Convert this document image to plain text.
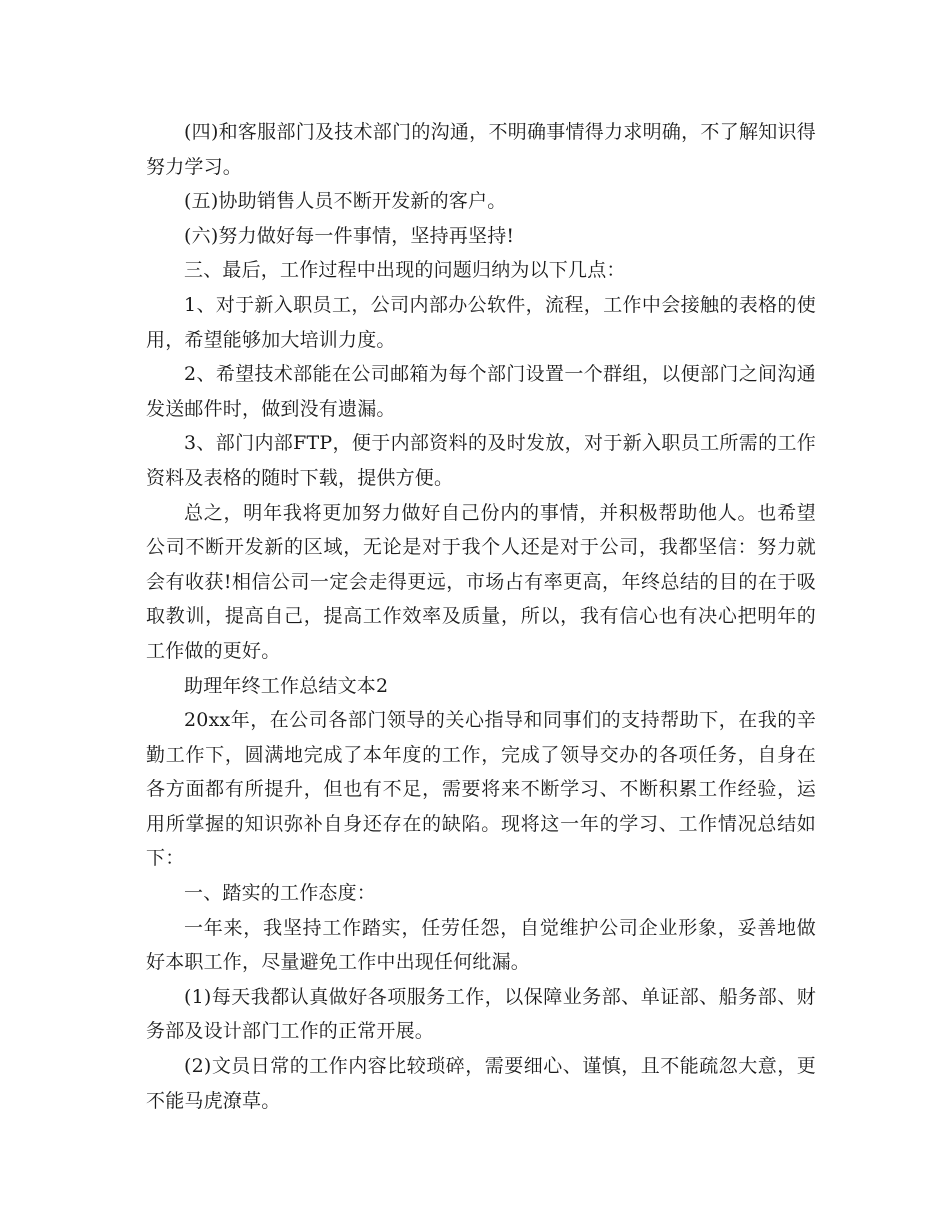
(四)和客服部门及技术部门的沟通，不明确事情得力求明确，不了解知识得努力学习。

(五)协助销售人员不断开发新的客户。

(六)努力做好每一件事情，坚持再坚持!

三、最后，工作过程中出现的问题归纳为以下几点：

1、对于新入职员工，公司内部办公软件，流程，工作中会接触的表格的使用，希望能够加大培训力度。

2、希望技术部能在公司邮箱为每个部门设置一个群组，以便部门之间沟通发送邮件时，做到没有遗漏。

3、部门内部FTP，便于内部资料的及时发放，对于新入职员工所需的工作资料及表格的随时下载，提供方便。

总之，明年我将更加努力做好自己份内的事情，并积极帮助他人。也希望公司不断开发新的区域，无论是对于我个人还是对于公司，我都坚信：努力就会有收获!相信公司一定会走得更远，市场占有率更高，年终总结的目的在于吸取教训，提高自己，提高工作效率及质量，所以，我有信心也有决心把明年的工作做的更好。

助理年终工作总结文本2

20xx年，在公司各部门领导的关心指导和同事们的支持帮助下，在我的辛勤工作下，圆满地完成了本年度的工作，完成了领导交办的各项任务，自身在各方面都有所提升，但也有不足，需要将来不断学习、不断积累工作经验，运用所掌握的知识弥补自身还存在的缺陷。现将这一年的学习、工作情况总结如下：

一、踏实的工作态度：

一年来，我坚持工作踏实，任劳任怨，自觉维护公司企业形象，妥善地做好本职工作，尽量避免工作中出现任何纰漏。

(1)每天我都认真做好各项服务工作，以保障业务部、单证部、船务部、财务部及设计部门工作的正常开展。

(2)文员日常的工作内容比较琐碎，需要细心、谨慎，且不能疏忽大意，更不能马虎潦草。
